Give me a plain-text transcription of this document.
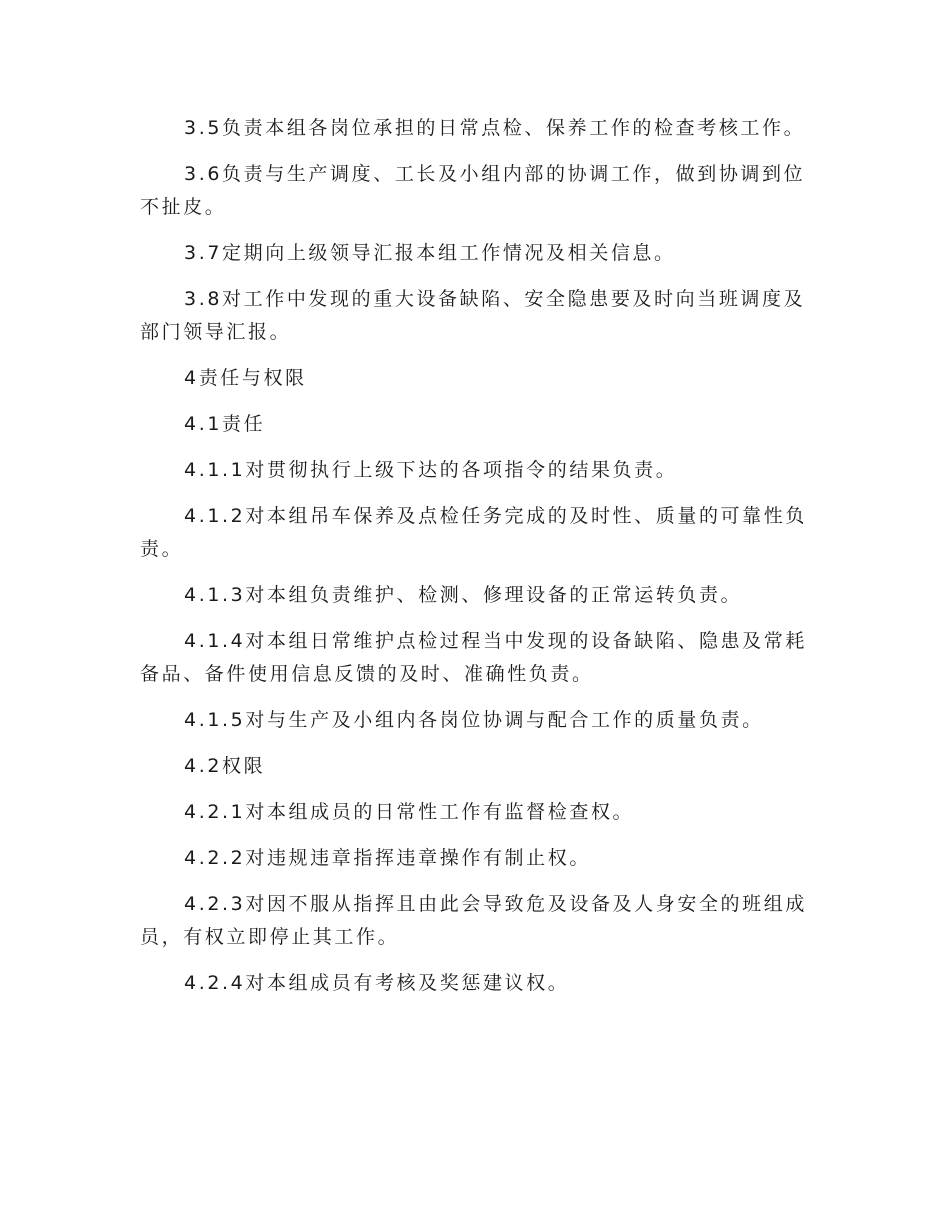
3.5负责本组各岗位承担的日常点检、保养工作的检查考核工作。

3.6负责与生产调度、工长及小组内部的协调工作，做到协调到位不扯皮。

3.7定期向上级领导汇报本组工作情况及相关信息。

3.8对工作中发现的重大设备缺陷、安全隐患要及时向当班调度及部门领导汇报。

4责任与权限

4.1责任

4.1.1对贯彻执行上级下达的各项指令的结果负责。

4.1.2对本组吊车保养及点检任务完成的及时性、质量的可靠性负责。

4.1.3对本组负责维护、检测、修理设备的正常运转负责。

4.1.4对本组日常维护点检过程当中发现的设备缺陷、隐患及常耗备品、备件使用信息反馈的及时、准确性负责。

4.1.5对与生产及小组内各岗位协调与配合工作的质量负责。

4.2权限

4.2.1对本组成员的日常性工作有监督检查权。

4.2.2对违规违章指挥违章操作有制止权。

4.2.3对因不服从指挥且由此会导致危及设备及人身安全的班组成员，有权立即停止其工作。

4.2.4对本组成员有考核及奖惩建议权。
